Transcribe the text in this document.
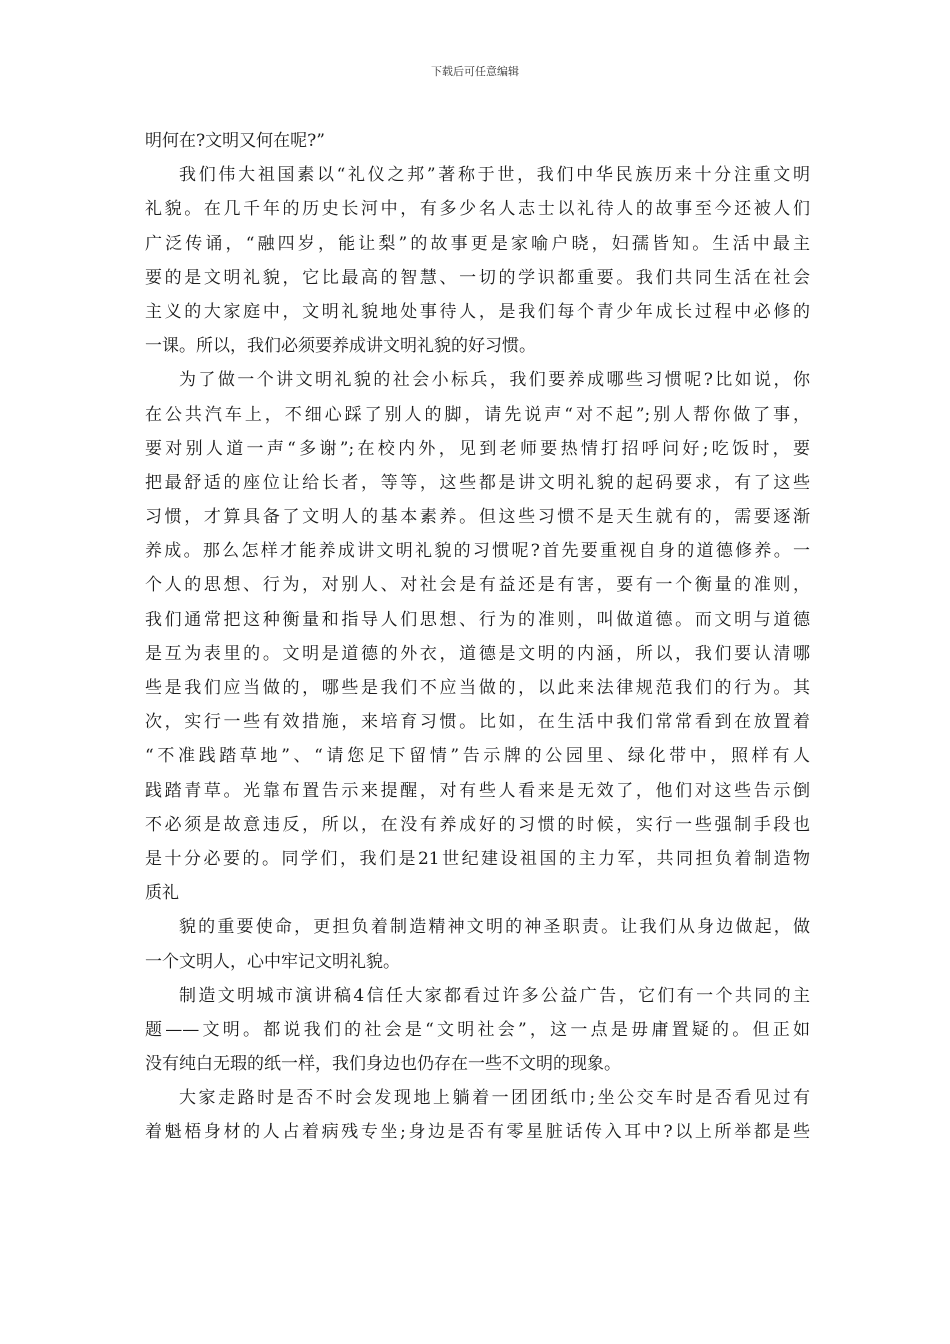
下载后可任意编辑
明何在?文明又何在呢?”
我们伟大祖国素以“礼仪之邦”著称于世，我们中华民族历来十分注重文明
礼貌。在几千年的历史长河中，有多少名人志士以礼待人的故事至今还被人们
广泛传诵，“融四岁，能让梨”的故事更是家喻户晓，妇孺皆知。生活中最主
要的是文明礼貌，它比最高的智慧、一切的学识都重要。我们共同生活在社会
主义的大家庭中，文明礼貌地处事待人，是我们每个青少年成长过程中必修的
一课。所以，我们必须要养成讲文明礼貌的好习惯。
为了做一个讲文明礼貌的社会小标兵，我们要养成哪些习惯呢?比如说，你
在公共汽车上，不细心踩了别人的脚，请先说声“对不起”;别人帮你做了事，
要对别人道一声“多谢”;在校内外，见到老师要热情打招呼问好;吃饭时，要
把最舒适的座位让给长者，等等，这些都是讲文明礼貌的起码要求，有了这些
习惯，才算具备了文明人的基本素养。但这些习惯不是天生就有的，需要逐渐
养成。那么怎样才能养成讲文明礼貌的习惯呢?首先要重视自身的道德修养。一
个人的思想、行为，对别人、对社会是有益还是有害，要有一个衡量的准则，
我们通常把这种衡量和指导人们思想、行为的准则，叫做道德。而文明与道德
是互为表里的。文明是道德的外衣，道德是文明的内涵，所以，我们要认清哪
些是我们应当做的，哪些是我们不应当做的，以此来法律规范我们的行为。其
次，实行一些有效措施，来培育习惯。比如，在生活中我们常常看到在放置着
“不准践踏草地”、“请您足下留情”告示牌的公园里、绿化带中，照样有人
践踏青草。光靠布置告示来提醒，对有些人看来是无效了，他们对这些告示倒
不必须是故意违反，所以，在没有养成好的习惯的时候，实行一些强制手段也
是十分必要的。同学们，我们是21世纪建设祖国的主力军，共同担负着制造物
质礼
貌的重要使命，更担负着制造精神文明的神圣职责。让我们从身边做起，做
一个文明人，心中牢记文明礼貌。
制造文明城市演讲稿4信任大家都看过许多公益广告，它们有一个共同的主
题——文明。都说我们的社会是“文明社会”，这一点是毋庸置疑的。但正如
没有纯白无瑕的纸一样，我们身边也仍存在一些不文明的现象。
大家走路时是否不时会发现地上躺着一团团纸巾;坐公交车时是否看见过有
着魁梧身材的人占着病残专坐;身边是否有零星脏话传入耳中?以上所举都是些
